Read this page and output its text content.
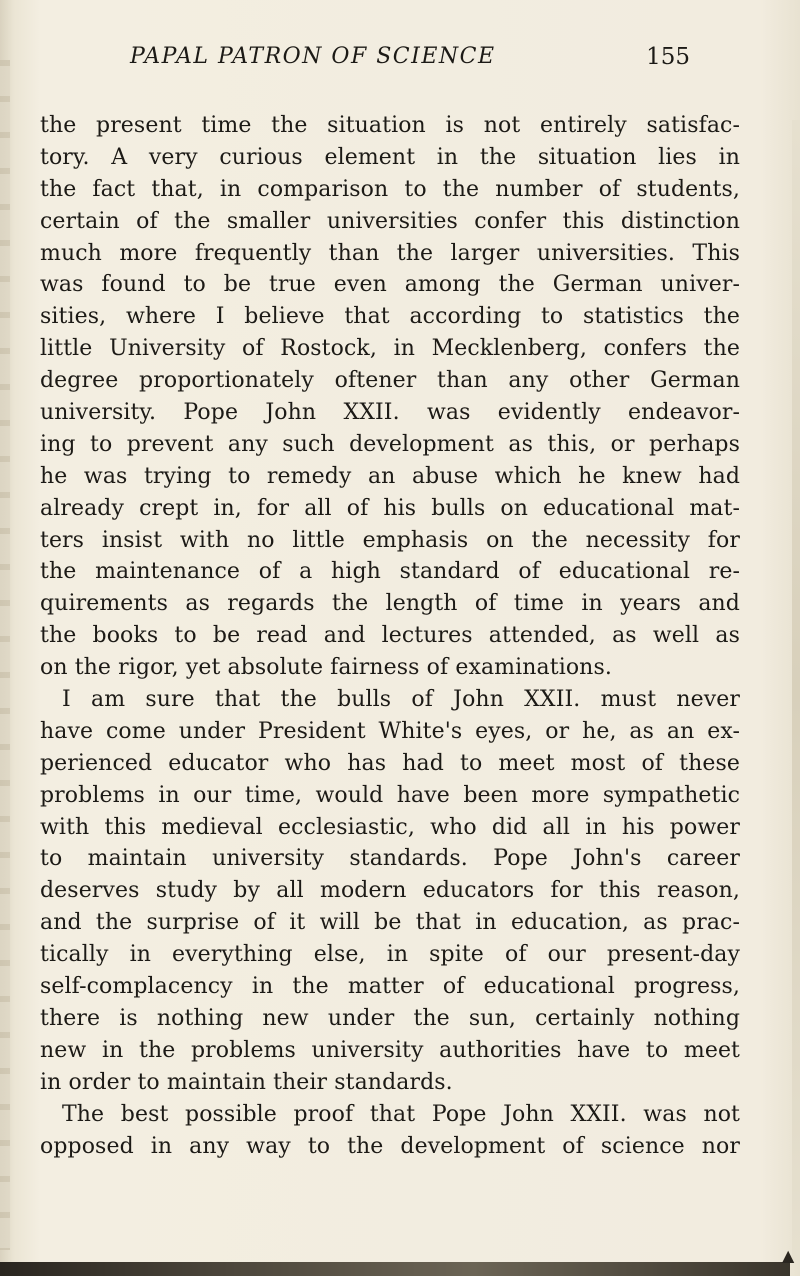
PAPAL PATRON OF SCIENCE	155
the present time the situation is not entirely satisfac-
tory. A very curious element in the situation lies in
the fact that, in comparison to the number of students,
certain of the smaller universities confer this distinction
much more frequently than the larger universities. This
was found to be true even among the German univer-
sities, where I believe that according to statistics the
little University of Rostock, in Mecklenberg, confers the
degree proportionately oftener than any other German
university. Pope John XXII. was evidently endeavor-
ing to prevent any such development as this, or perhaps
he was trying to remedy an abuse which he knew had
already crept in, for all of his bulls on educational mat-
ters insist with no little emphasis on the necessity for
the maintenance of a high standard of educational re-
quirements as regards the length of time in years and
the books to be read and lectures attended, as well as
on the rigor, yet absolute fairness of examinations.
I am sure that the bulls of John XXII. must never
have come under President White's eyes, or he, as an ex-
perienced educator who has had to meet most of these
problems in our time, would have been more sympathetic
with this medieval ecclesiastic, who did all in his power
to maintain university standards. Pope John's career
deserves study by all modern educators for this reason,
and the surprise of it will be that in education, as prac-
tically in everything else, in spite of our present-day
self-complacency in the matter of educational progress,
there is nothing new under the sun, certainly nothing
new in the problems university authorities have to meet
in order to maintain their standards.
The best possible proof that Pope John XXII. was not
opposed in any way to the development of science nor
▲
